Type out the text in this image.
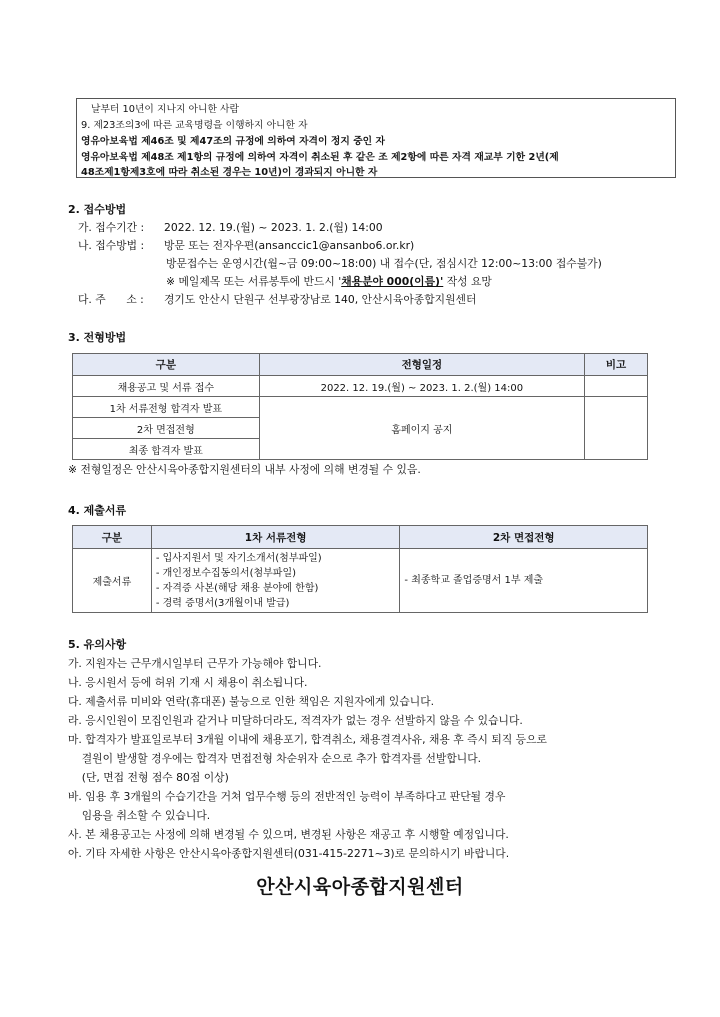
날부터 10년이 지나지 아니한 사람
9. 제23조의3에 따른 교육명령을 이행하지 아니한 자
영유아보육법 제46조 및 제47조의 규정에 의하여 자격이 정지 중인 자
영유아보육법 제48조 제1항의 규정에 의하여 자격이 취소된 후 같은 조 제2항에 따른 자격 재교부 기한 2년(제
48조제1항제3호에 따라 취소된 경우는 10년)이 경과되지 아니한 자
2. 접수방법
가. 접수기간 : 2022. 12. 19.(월) ~ 2023. 1. 2.(월) 14:00
나. 접수방법 : 방문 또는 전자우편(ansanccic1@ansanbo6.or.kr)
방문접수는 운영시간(월~금 09:00~18:00) 내 접수(단, 점심시간 12:00~13:00 접수불가)
※ 메일제목 또는 서류봉투에 반드시 '채용분야 000(이름)' 작성 요망
다. 주      소 : 경기도 안산시 단원구 선부광장남로 140, 안산시육아종합지원센터
3. 전형방법
구분	전형일정	비고
채용공고 및 서류 접수	2022. 12. 19.(월) ~ 2023. 1. 2.(월) 14:00	
1차 서류전형 합격자 발표	홈페이지 공지	
2차 면접전형		
최종 합격자 발표		
※ 전형일정은 안산시육아종합지원센터의 내부 사정에 의해 변경될 수 있음.
4. 제출서류
구분	1차 서류전형	2차 면접전형
제출서류	- 입사지원서 및 자기소개서(첨부파일)
- 개인정보수집동의서(첨부파일)
- 자격증 사본(해당 채용 분야에 한함)
- 경력 증명서(3개월이내 발급)	- 최종학교 졸업증명서 1부 제출
5. 유의사항
가. 지원자는 근무개시일부터 근무가 가능해야 합니다.
나. 응시원서 등에 허위 기재 시 채용이 취소됩니다.
다. 제출서류 미비와 연락(휴대폰) 불능으로 인한 책임은 지원자에게 있습니다.
라. 응시인원이 모집인원과 같거나 미달하더라도, 적격자가 없는 경우 선발하지 않을 수 있습니다.
마. 합격자가 발표일로부터 3개월 이내에 채용포기, 합격취소, 채용결격사유, 채용 후 즉시 퇴직 등으로
결원이 발생할 경우에는 합격자 면접전형 차순위자 순으로 추가 합격자를 선발합니다.
(단, 면접 전형 점수 80점 이상)
바. 임용 후 3개월의 수습기간을 거쳐 업무수행 등의 전반적인 능력이 부족하다고 판단될 경우
임용을 취소할 수 있습니다.
사. 본 채용공고는 사정에 의해 변경될 수 있으며, 변경된 사항은 재공고 후 시행할 예정입니다.
아. 기타 자세한 사항은 안산시육아종합지원센터(031-415-2271~3)로 문의하시기 바랍니다.
안산시육아종합지원센터
